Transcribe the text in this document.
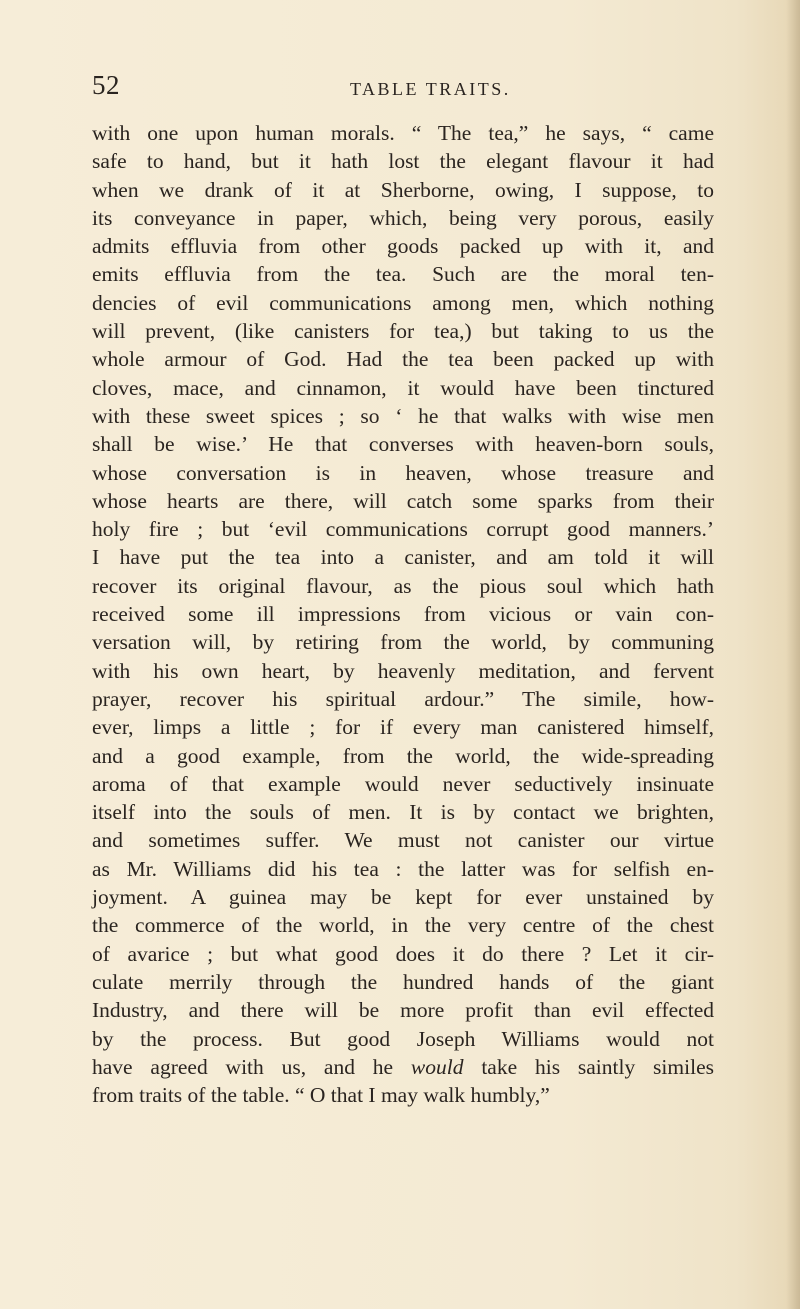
52	TABLE TRAITS.
with one upon human morals. “ The tea,” he says, “ came
safe to hand, but it hath lost the elegant flavour it had
when we drank of it at Sherborne, owing, I suppose, to
its conveyance in paper, which, being very porous, easily
admits effluvia from other goods packed up with it, and
emits effluvia from the tea. Such are the moral ten-
dencies of evil communications among men, which nothing
will prevent, (like canisters for tea,) but taking to us the
whole armour of God. Had the tea been packed up with
cloves, mace, and cinnamon, it would have been tinctured
with these sweet spices ; so ‘ he that walks with wise men
shall be wise.’ He that converses with heaven-born souls,
whose conversation is in heaven, whose treasure and
whose hearts are there, will catch some sparks from their
holy fire ; but ‘evil communications corrupt good manners.’
I have put the tea into a canister, and am told it will
recover its original flavour, as the pious soul which hath
received some ill impressions from vicious or vain con-
versation will, by retiring from the world, by communing
with his own heart, by heavenly meditation, and fervent
prayer, recover his spiritual ardour.” The simile, how-
ever, limps a little ; for if every man canistered himself,
and a good example, from the world, the wide-spreading
aroma of that example would never seductively insinuate
itself into the souls of men. It is by contact we brighten,
and sometimes suffer. We must not canister our virtue
as Mr. Williams did his tea : the latter was for selfish en-
joyment. A guinea may be kept for ever unstained by
the commerce of the world, in the very centre of the chest
of avarice ; but what good does it do there ? Let it cir-
culate merrily through the hundred hands of the giant
Industry, and there will be more profit than evil effected
by the process. But good Joseph Williams would not
have agreed with us, and he would take his saintly similes
from traits of the table. “ O that I may walk humbly,”
